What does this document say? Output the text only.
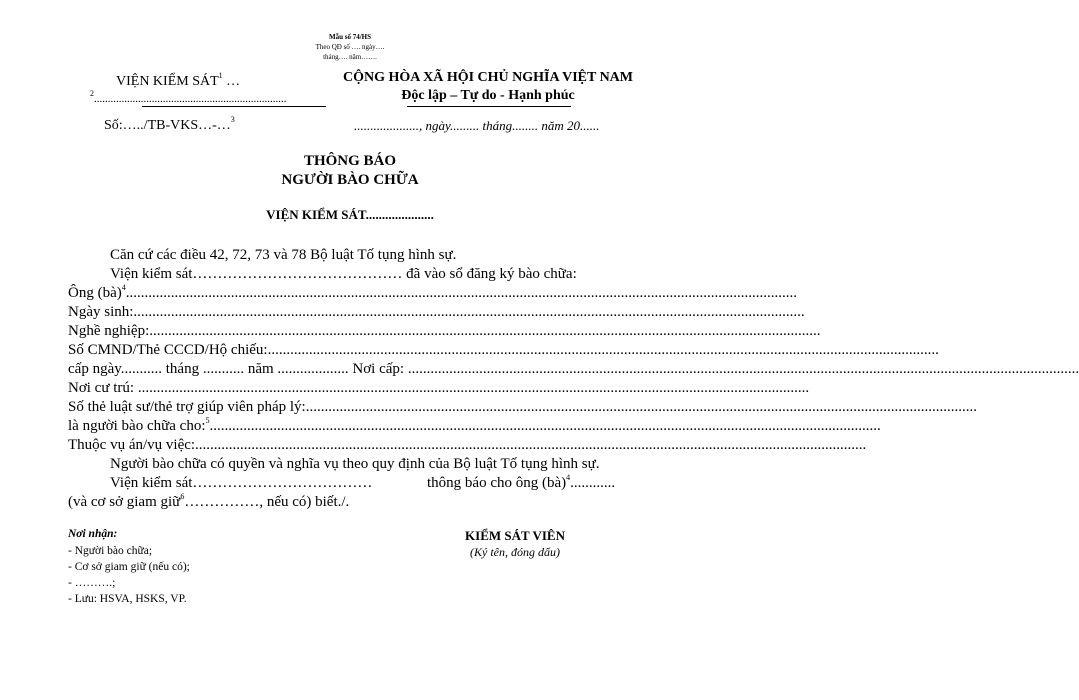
Mẫu số 74/HS
Theo QĐ số …. ngày….
tháng…. năm…….
VIỆN KIỂM SÁT$^1$ …
$^2$......................................................................
Số:…../TB-VKS…-…$^3$
CỘNG HÒA XÃ HỘI CHỦ NGHĨA VIỆT NAM
Độc lập – Tự do - Hạnh phúc
...................., ngày......... tháng........ năm 20......
THÔNG BÁO
NGƯỜI BÀO CHỮA
VIỆN KIỂM SÁT.....................
Căn cứ các điều 42, 72, 73 và 78 Bộ luật Tố tụng hình sự.
Viện kiểm sát…………………………………… đã vào sổ đăng ký bào chữa:
Ông (bà)$^4$...................................................................................................................................................................................
Ngày sinh:...................................................................................................................................................................................
Nghề nghiệp:...................................................................................................................................................................................
Số CMND/Thẻ CCCD/Hộ chiếu:...................................................................................................................................................................................
cấp ngày........... tháng ........... năm ................... Nơi cấp: ...................................................................................................................................................................................
Nơi cư trú: ...................................................................................................................................................................................
Số thẻ luật sư/thẻ trợ giúp viên pháp lý:...................................................................................................................................................................................
là người bào chữa cho:$^5$...................................................................................................................................................................................
Thuộc vụ án/vụ việc:...................................................................................................................................................................................
Người bào chữa có quyền và nghĩa vụ theo quy định của Bộ luật Tố tụng hình sự.
Viện kiểm sát………………………………	thông báo cho ông (bà)$^4$............
(và cơ sở giam giữ$^6$……………, nếu có) biết./.
Nơi nhận:
- Người bào chữa;
- Cơ sở giam giữ (nếu có);
- ……….;
- Lưu: HSVA, HSKS, VP.
KIỂM SÁT VIÊN
(Ký tên, đóng dấu)
